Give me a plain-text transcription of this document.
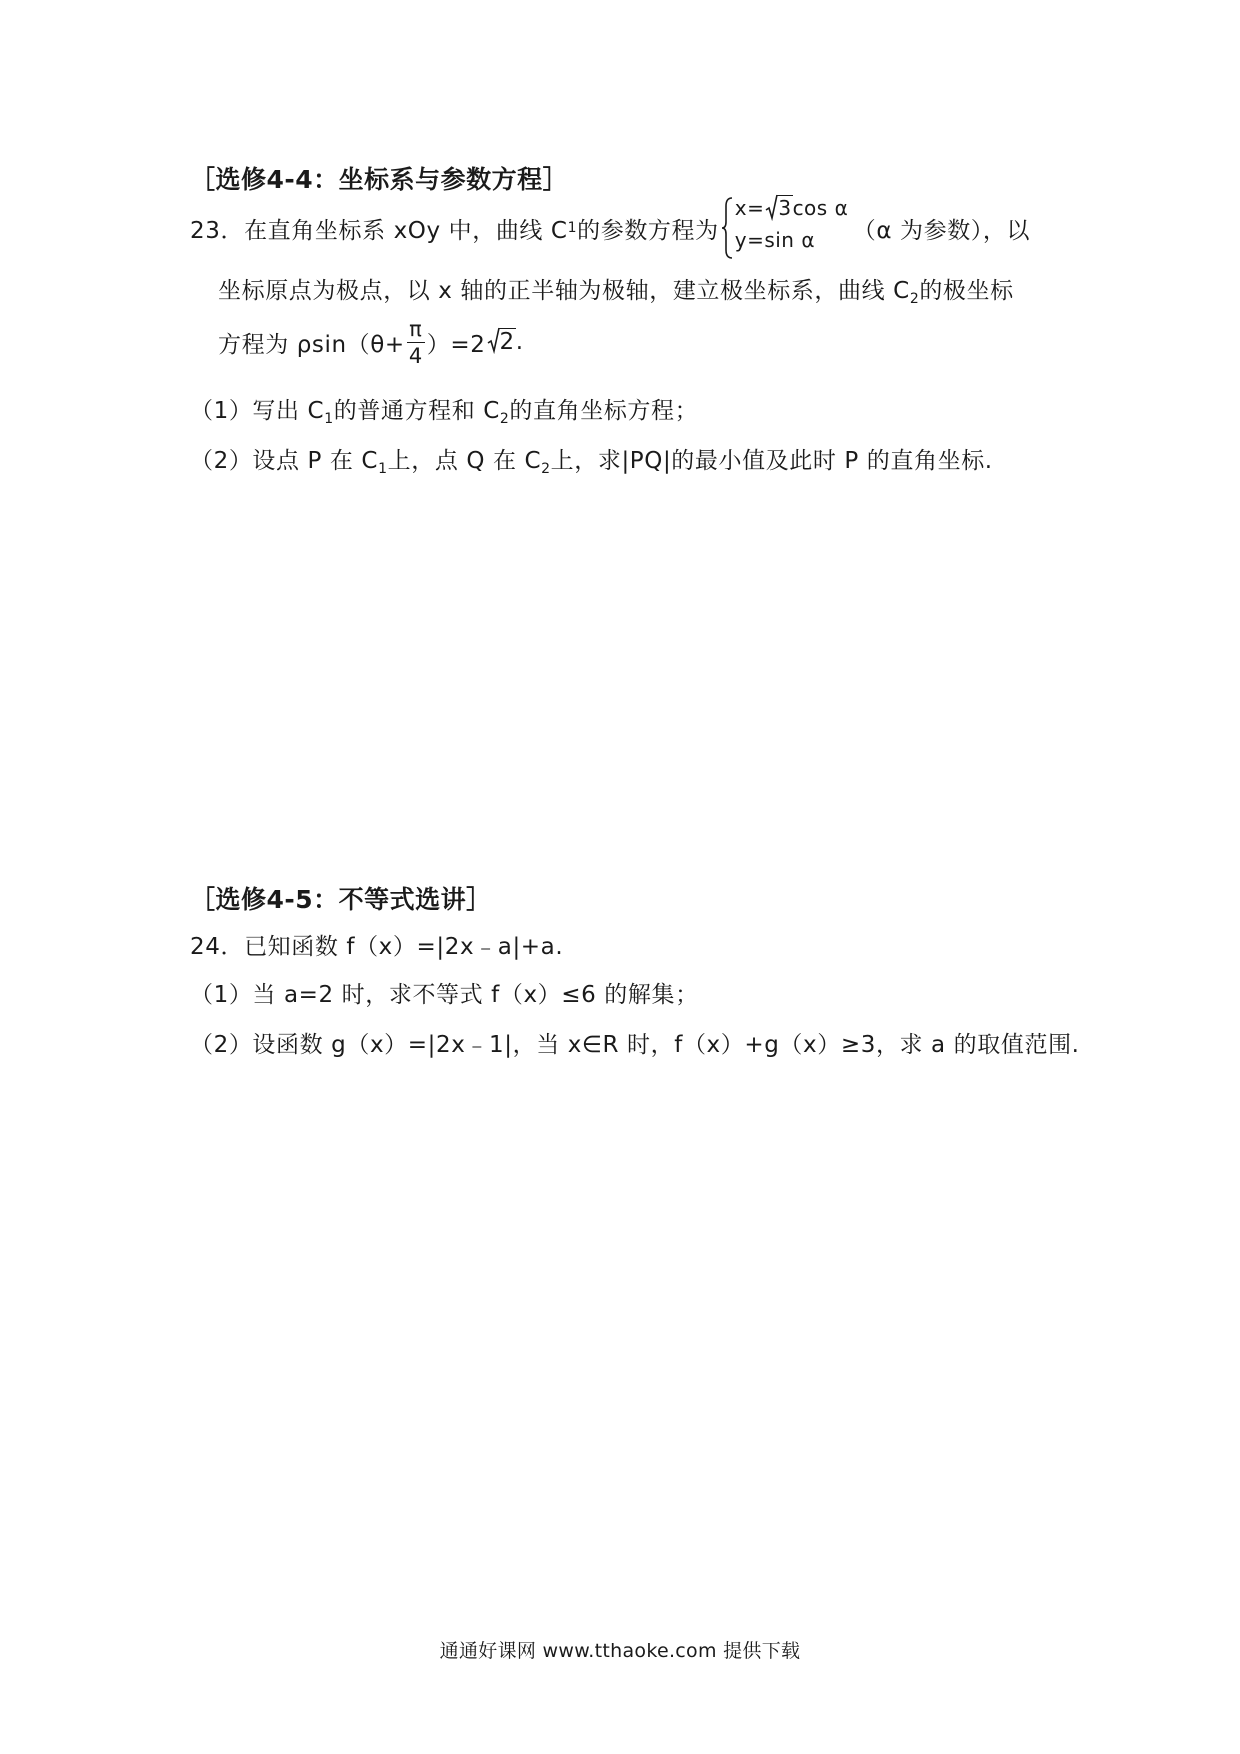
［选修4-4：坐标系与参数方程］
23． 在直角坐标系 xOy 中，曲线 C 1 的参数方程为
x= 3cos α
y=sin α （α 为参数），以
坐标原点为极点，以 x 轴的正半轴为极轴，建立极坐标系，曲线 $C_2$的极坐标
方程为 $\rho\sin(\theta+ \frac{\pi}{4} )=2$ 2 .
（1）写出 $C_1$的普通方程和 $C_2$的直角坐标方程；
（2）设点 P 在 $C_1$上，点 Q 在 $C_2$上，求|PQ|的最小值及此时 P 的直角坐标.
［选修4-5：不等式选讲］
24．已知函数 f（x）=|2x﹣a|+a.
（1）当 a=2 时，求不等式 f（x）≤6 的解集；
（2）设函数 g（x）=|2x﹣1|，当 x∈R 时，f（x）+g（x）≥3，求 a 的取值范围.
通通好课网 www.tthaoke.com 提供下载
